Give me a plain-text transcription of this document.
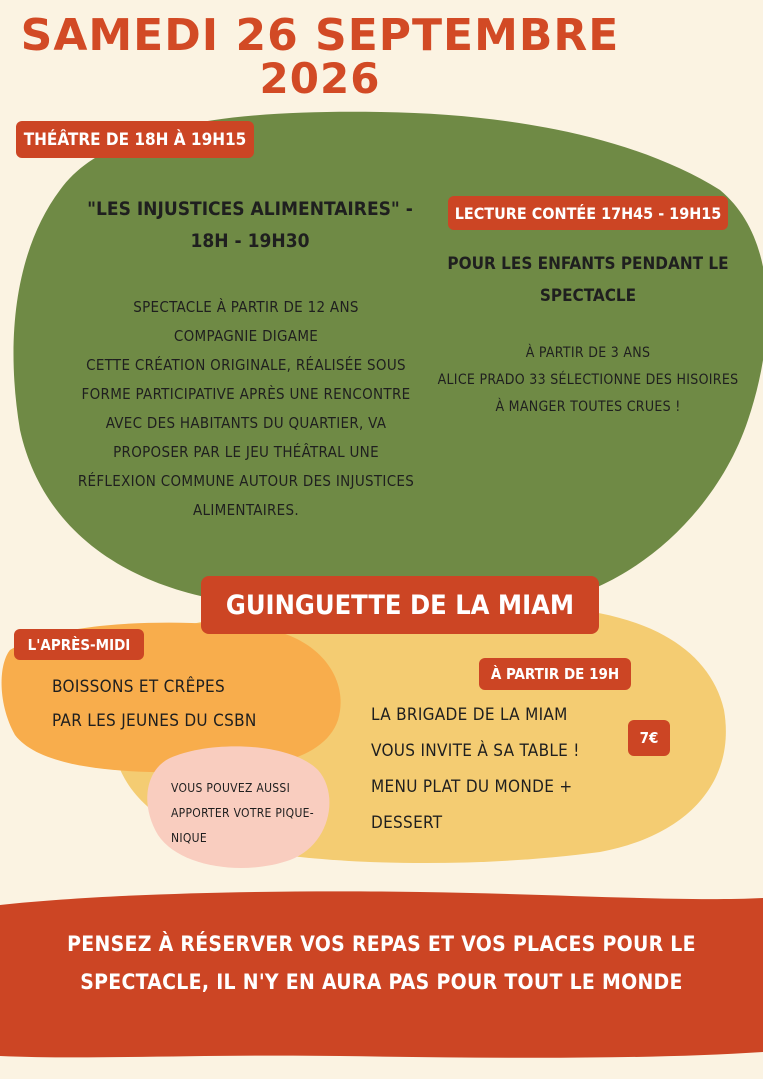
SAMEDI 26 SEPTEMBRE
2026
THÉÂTRE DE 18H À 19H15
"LES INJUSTICES ALIMENTAIRES" -
18H - 19H30
SPECTACLE À PARTIR DE 12 ANS
COMPAGNIE DIGAME
CETTE CRÉATION ORIGINALE, RÉALISÉE SOUS
FORME PARTICIPATIVE APRÈS UNE RENCONTRE
AVEC DES HABITANTS DU QUARTIER, VA
PROPOSER PAR LE JEU THÉÂTRAL UNE
RÉFLEXION COMMUNE AUTOUR DES INJUSTICES
ALIMENTAIRES.
LECTURE CONTÉE 17H45 - 19H15
POUR LES ENFANTS PENDANT LE
SPECTACLE
À PARTIR DE 3 ANS
ALICE PRADO 33 SÉLECTIONNE DES HISOIRES
À MANGER TOUTES CRUES !
GUINGUETTE DE LA MIAM
L'APRÈS-MIDI
BOISSONS ET CRÊPES
PAR LES JEUNES DU CSBN
VOUS POUVEZ AUSSI
APPORTER VOTRE PIQUE-
NIQUE
À PARTIR DE 19H
LA BRIGADE DE LA MIAM
VOUS INVITE À SA TABLE !
MENU PLAT DU MONDE +
DESSERT
7€
PENSEZ À RÉSERVER VOS REPAS ET VOS PLACES POUR LE
SPECTACLE, IL N'Y EN AURA PAS POUR TOUT LE MONDE
